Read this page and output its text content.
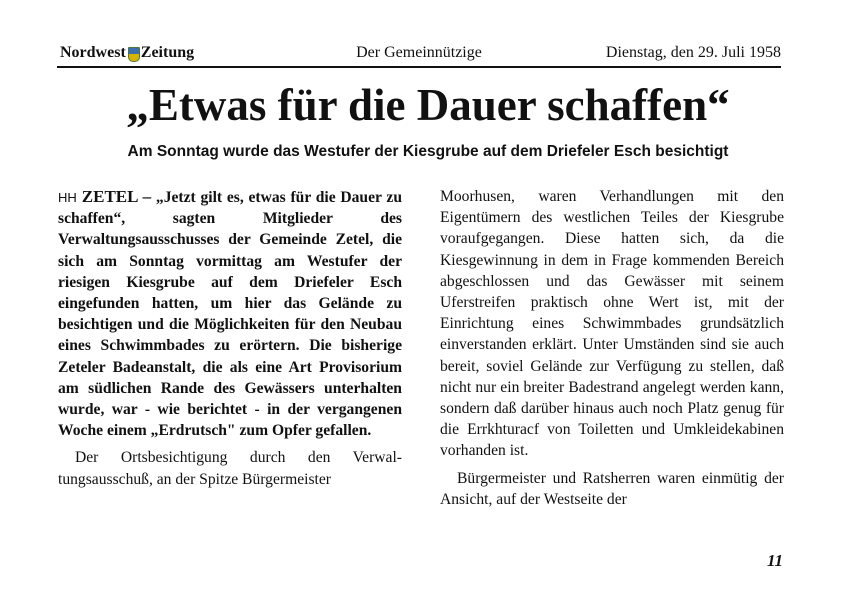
Nordwest Zeitung	Der Gemeinnützige	Dienstag, den 29. Juli 1958
„Etwas für die Dauer schaffen“
Am Sonntag wurde das Westufer der Kiesgrube auf dem Driefeler Esch besichtigt

HH ZETEL – „Jetzt gilt es, etwas für die Dauer zu schaffen“, sagten Mitglieder des Verwaltungsausschusses der Gemeinde Zetel, die sich am Sonntag vormittag am Westufer der riesigen Kiesgrube auf dem Driefeler Esch eingefunden hatten, um hier das Gelände zu besichtigen und die Möglichkeiten für den Neubau eines Schwimmbades zu erörtern. Die bisherige Zeteler Badeanstalt, die als eine Art Provisorium am südlichen Rande des Gewässers unterhalten wurde, war - wie berichtet - in der vergangenen Woche einem „Erdrutsch" zum Opfer gefallen.

Der Ortsbesichtigung durch den Verwaltungsausschuß, an der Spitze Bürgermeister

Moorhusen, waren Verhandlungen mit den Eigentümern des westlichen Teiles der Kiesgrube voraufgegangen. Diese hatten sich, da die Kiesgewinnung in dem in Frage kommenden Bereich abgeschlossen und das Gewässer mit seinem Uferstreifen praktisch ohne Wert ist, mit der Einrichtung eines Schwimmbades grundsätzlich einverstanden erklärt. Unter Umständen sind sie auch bereit, soviel Gelände zur Verfügung zu stellen, daß nicht nur ein breiter Badestrand angelegt werden kann, sondern daß darüber hinaus auch noch Platz genug für die Errkhturacf von Toiletten und Umkleidekabinen vorhanden ist.

Bürgermeister und Ratsherren waren einmütig der Ansicht, auf der Westseite der

11
